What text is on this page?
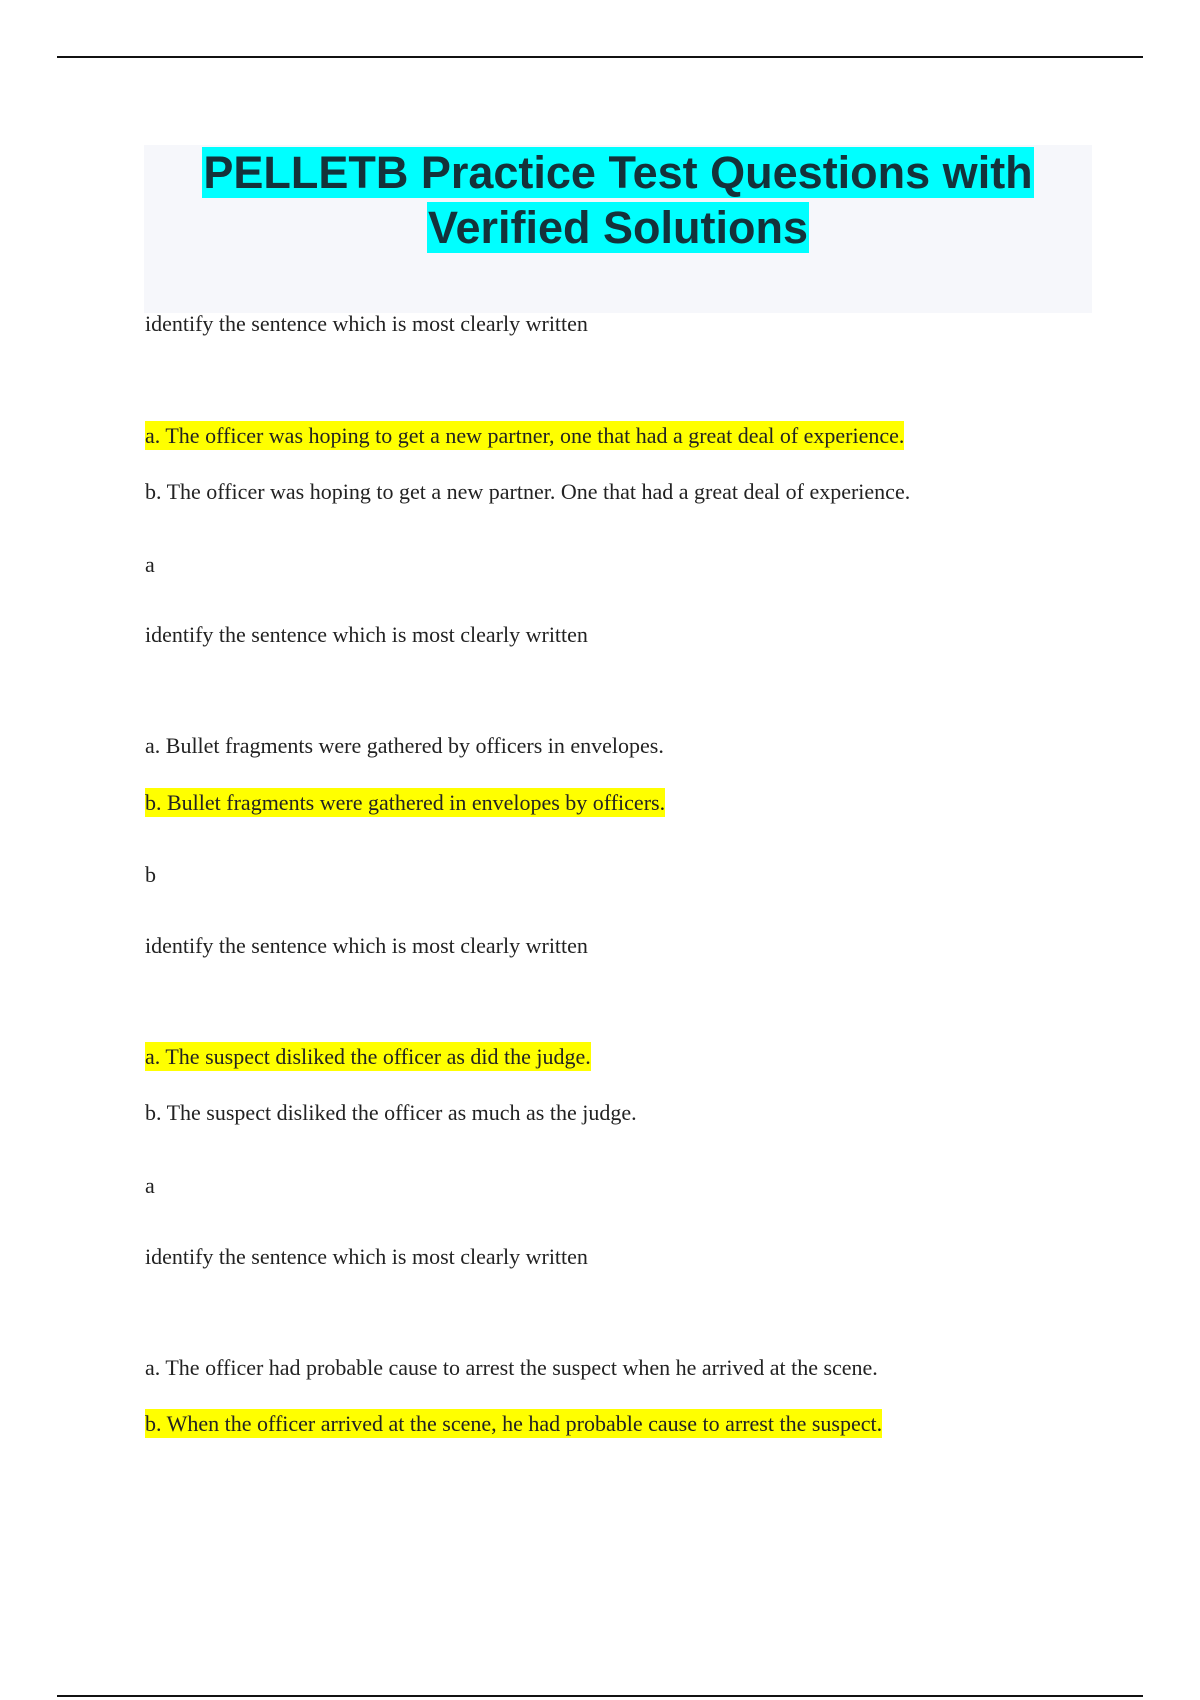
PELLETB Practice Test Questions with
Verified Solutions

identify the sentence which is most clearly written

a. The officer was hoping to get a new partner, one that had a great deal of experience.

b. The officer was hoping to get a new partner. One that had a great deal of experience.

a

identify the sentence which is most clearly written

a. Bullet fragments were gathered by officers in envelopes.

b. Bullet fragments were gathered in envelopes by officers.

b

identify the sentence which is most clearly written

a. The suspect disliked the officer as did the judge.

b. The suspect disliked the officer as much as the judge.

a

identify the sentence which is most clearly written

a. The officer had probable cause to arrest the suspect when he arrived at the scene.

b. When the officer arrived at the scene, he had probable cause to arrest the suspect.
